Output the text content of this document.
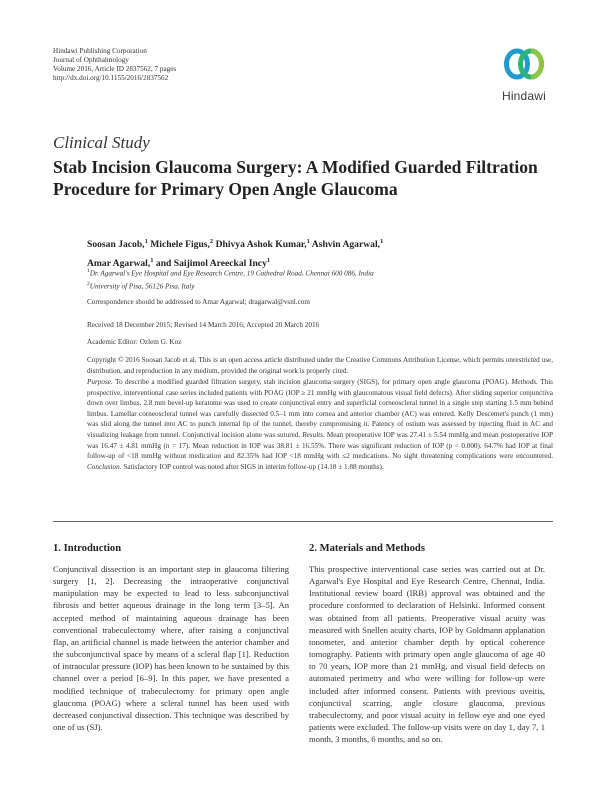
Hindawi Publishing Corporation
Journal of Ophthalmology
Volume 2016, Article ID 2837562, 7 pages
http://dx.doi.org/10.1155/2016/2837562
Hindawi
Clinical Study
Stab Incision Glaucoma Surgery: A Modified Guarded Filtration Procedure for Primary Open Angle Glaucoma
Soosan Jacob,$^1$ Michele Figus,$^2$ Dhivya Ashok Kumar,$^1$ Ashvin Agarwal,$^1$
Amar Agarwal,$^1$ and Saijimol Areeckal Incy$^1$
$^1$Dr. Agarwal's Eye Hospital and Eye Research Centre, 19 Cathedral Road, Chennai 600 086, India
$^2$University of Pisa, 56126 Pisa, Italy
Correspondence should be addressed to Amar Agarwal; dragarwal@vsnl.com
Received 18 December 2015; Revised 14 March 2016; Accepted 20 March 2016
Academic Editor: Ozlem G. Koz
Copyright © 2016 Soosan Jacob et al. This is an open access article distributed under the Creative Commons Attribution License, which permits unrestricted use, distribution, and reproduction in any medium, provided the original work is properly cited.
Purpose. To describe a modified guarded filtration surgery, stab incision glaucoma surgery (SIGS), for primary open angle glaucoma (POAG). Methods. This prospective, interventional case series included patients with POAG (IOP ≥ 21 mmHg with glaucomatous visual field defects). After sliding superior conjunctiva down over limbus, 2.8 mm bevel-up keratome was used to create conjunctival entry and superficial corneoscleral tunnel in a single step starting 1.5 mm behind limbus. Lamellar corneoscleral tunnel was carefully dissected 0.5–1 mm into cornea and anterior chamber (AC) was entered. Kelly Descemet's punch (1 mm) was slid along the tunnel into AC to punch internal lip of the tunnel, thereby compromising it. Patency of ostium was assessed by injecting fluid in AC and visualizing leakage from tunnel. Conjunctival incision alone was sutured. Results. Mean preoperative IOP was 27.41 ± 5.54 mmHg and mean postoperative IOP was 16.47 ± 4.81 mmHg (n = 17). Mean reduction in IOP was 38.81 ± 16.55%. There was significant reduction of IOP (p < 0.000). 64.7% had IOP at final follow-up of <18 mmHg without medication and 82.35% had IOP <18 mmHg with ≤2 medications. No sight threatening complications were encountered. Conclusion. Satisfactory IOP control was noted after SIGS in interim follow-up (14.18 ± 1.88 months).
1. Introduction
Conjunctival dissection is an important step in glaucoma filtering surgery [1, 2]. Decreasing the intraoperative conjunctival manipulation may be expected to lead to less subconjunctival fibrosis and better aqueous drainage in the long term [3–5]. An accepted method of maintaining aqueous drainage has been conventional trabeculectomy where, after raising a conjunctival flap, an artificial channel is made between the anterior chamber and the subconjunctival space by means of a scleral flap [1]. Reduction of intraocular pressure (IOP) has been known to be sustained by this channel over a period [6–9]. In this paper, we have presented a modified technique of trabeculectomy for primary open angle glaucoma (POAG) where a scleral tunnel has been used with decreased conjunctival dissection. This technique was described by one of us (SJ).
2. Materials and Methods
This prospective interventional case series was carried out at Dr. Agarwal's Eye Hospital and Eye Research Centre, Chennai, India. Institutional review board (IRB) approval was obtained and the procedure conformed to declaration of Helsinki. Informed consent was obtained from all patients. Preoperative visual acuity was measured with Snellen acuity charts, IOP by Goldmann applanation tonometer, and anterior chamber depth by optical coherence tomography. Patients with primary open angle glaucoma of age 40 to 70 years, IOP more than 21 mmHg, and visual field defects on automated perimetry and who were willing for follow-up were included after informed consent. Patients with previous uveitis, conjunctival scarring, angle closure glaucoma, previous trabeculectomy, and poor visual acuity in fellow eye and one eyed patients were excluded. The follow-up visits were on day 1, day 7, 1 month, 3 months, 6 months, and so on.
